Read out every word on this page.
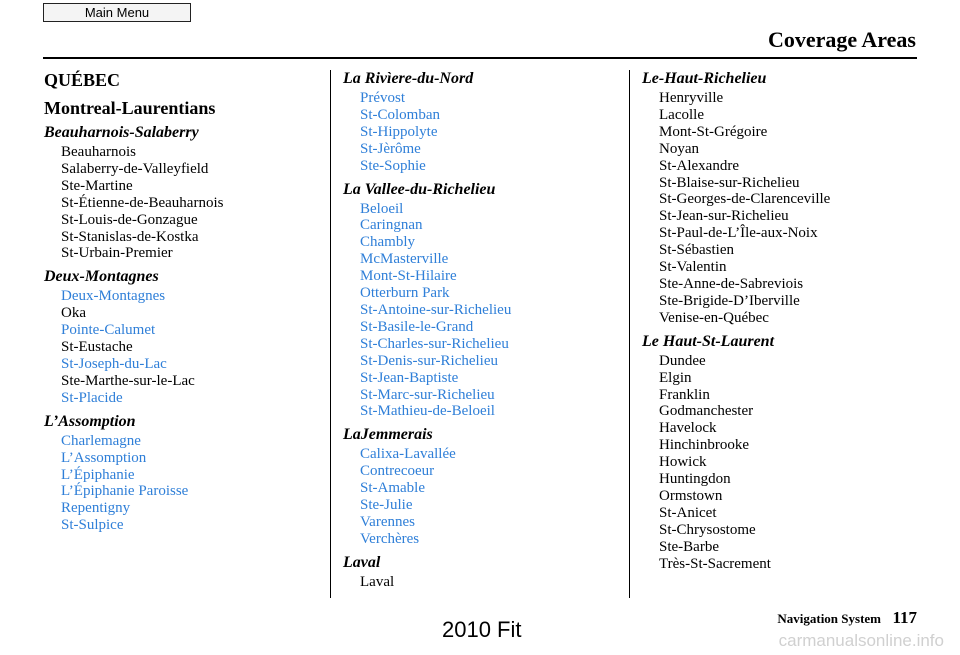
Main Menu
Coverage Areas
QUÉBEC
Montreal-Laurentians
Beauharnois-Salaberry
Beauharnois
Salaberry-de-Valleyfield
Ste-Martine
St-Étienne-de-Beauharnois
St-Louis-de-Gonzague
St-Stanislas-de-Kostka
St-Urbain-Premier
Deux-Montagnes
Deux-Montagnes
Oka
Pointe-Calumet
St-Eustache
St-Joseph-du-Lac
Ste-Marthe-sur-le-Lac
St-Placide
L’Assomption
Charlemagne
L’Assomption
L’Épiphanie
L’Épiphanie Paroisse
Repentigny
St-Sulpice
La Rivìere-du-Nord
Prévost
St-Colomban
St-Hippolyte
St-Jèrôme
Ste-Sophie
La Vallee-du-Richelieu
Beloeil
Caringnan
Chambly
McMasterville
Mont-St-Hilaire
Otterburn Park
St-Antoine-sur-Richelieu
St-Basile-le-Grand
St-Charles-sur-Richelieu
St-Denis-sur-Richelieu
St-Jean-Baptiste
St-Marc-sur-Richelieu
St-Mathieu-de-Beloeil
LaJemmerais
Calixa-Lavallée
Contrecoeur
St-Amable
Ste-Julie
Varennes
Verchères
Laval
Laval
Le-Haut-Richelieu
Henryville
Lacolle
Mont-St-Grégoire
Noyan
St-Alexandre
St-Blaise-sur-Richelieu
St-Georges-de-Clarenceville
St-Jean-sur-Richelieu
St-Paul-de-L’Île-aux-Noix
St-Sébastien
St-Valentin
Ste-Anne-de-Sabreviois
Ste-Brigide-D’Iberville
Venise-en-Québec
Le Haut-St-Laurent
Dundee
Elgin
Franklin
Godmanchester
Havelock
Hinchinbrooke
Howick
Huntingdon
Ormstown
St-Anicet
St-Chrysostome
Ste-Barbe
Très-St-Sacrement
Navigation System 117
2010 Fit	carmanualsonline.info
